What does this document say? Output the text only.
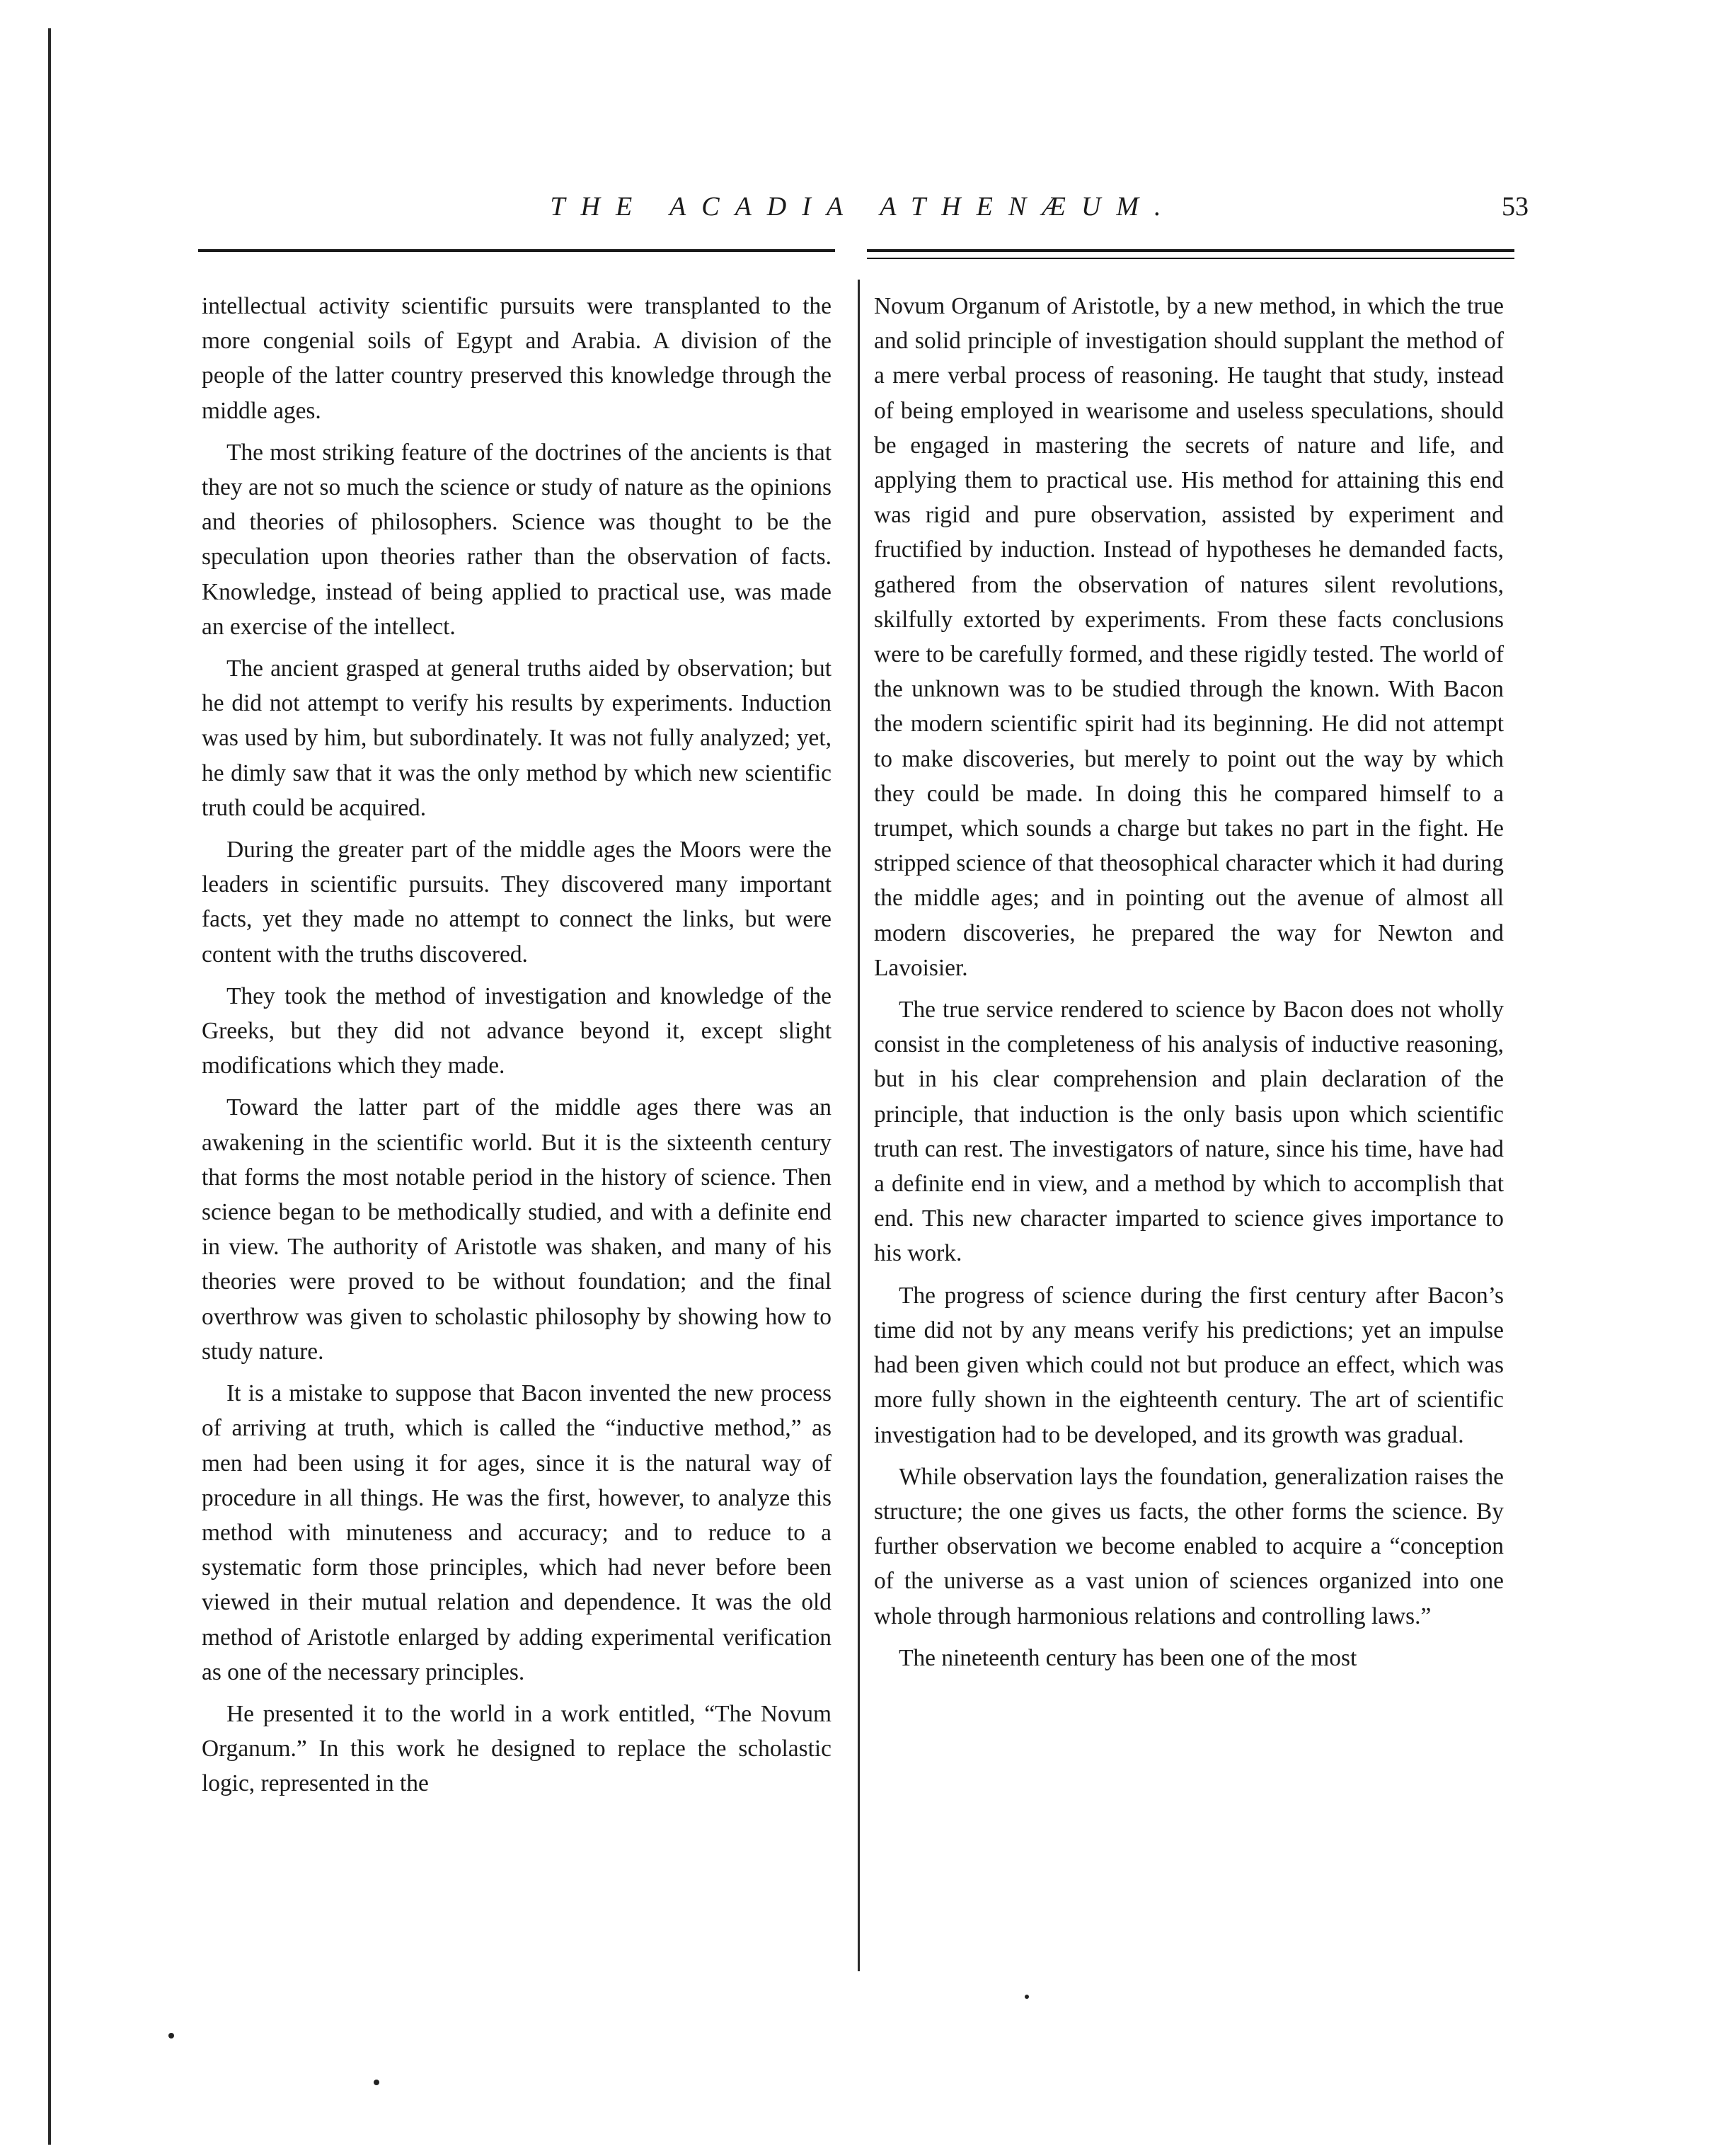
THE ACADIA ATHENÆUM.	53

intellectual activity scientific pursuits were transplanted to the more congenial soils of Egypt and Arabia. A division of the people of the latter country preserved this knowledge through the middle ages.

The most striking feature of the doctrines of the ancients is that they are not so much the science or study of nature as the opinions and theories of philosophers. Science was thought to be the speculation upon theories rather than the observation of facts. Knowledge, instead of being applied to practical use, was made an exercise of the intellect.

The ancient grasped at general truths aided by observation; but he did not attempt to verify his results by experiments. Induction was used by him, but subordinately. It was not fully analyzed; yet, he dimly saw that it was the only method by which new scientific truth could be acquired.

During the greater part of the middle ages the Moors were the leaders in scientific pursuits. They discovered many important facts, yet they made no attempt to connect the links, but were content with the truths discovered.

They took the method of investigation and knowledge of the Greeks, but they did not advance beyond it, except slight modifications which they made.

Toward the latter part of the middle ages there was an awakening in the scientific world. But it is the sixteenth century that forms the most notable period in the history of science. Then science began to be methodically studied, and with a definite end in view. The authority of Aristotle was shaken, and many of his theories were proved to be without foundation; and the final overthrow was given to scholastic philosophy by showing how to study nature.

It is a mistake to suppose that Bacon invented the new process of arriving at truth, which is called the “inductive method,” as men had been using it for ages, since it is the natural way of procedure in all things. He was the first, however, to analyze this method with minuteness and accuracy; and to reduce to a systematic form those principles, which had never before been viewed in their mutual relation and dependence. It was the old method of Aristotle enlarged by adding experimental verification as one of the necessary principles.

He presented it to the world in a work entitled, “The Novum Organum.” In this work he designed to replace the scholastic logic, represented in the

Novum Organum of Aristotle, by a new method, in which the true and solid principle of investigation should supplant the method of a mere verbal process of reasoning. He taught that study, instead of being employed in wearisome and useless speculations, should be engaged in mastering the secrets of nature and life, and applying them to practical use. His method for attaining this end was rigid and pure observation, assisted by experiment and fructified by induction. Instead of hypotheses he demanded facts, gathered from the observation of natures silent revolutions, skilfully extorted by experiments. From these facts conclusions were to be carefully formed, and these rigidly tested. The world of the unknown was to be studied through the known. With Bacon the modern scientific spirit had its beginning. He did not attempt to make discoveries, but merely to point out the way by which they could be made. In doing this he compared himself to a trumpet, which sounds a charge but takes no part in the fight. He stripped science of that theosophical character which it had during the middle ages; and in pointing out the avenue of almost all modern discoveries, he prepared the way for Newton and Lavoisier.

The true service rendered to science by Bacon does not wholly consist in the completeness of his analysis of inductive reasoning, but in his clear comprehension and plain declaration of the principle, that induction is the only basis upon which scientific truth can rest. The investigators of nature, since his time, have had a definite end in view, and a method by which to accomplish that end. This new character imparted to science gives importance to his work.

The progress of science during the first century after Bacon’s time did not by any means verify his predictions; yet an impulse had been given which could not but produce an effect, which was more fully shown in the eighteenth century. The art of scientific investigation had to be developed, and its growth was gradual.

While observation lays the foundation, generalization raises the structure; the one gives us facts, the other forms the science. By further observation we become enabled to acquire a “conception of the universe as a vast union of sciences organized into one whole through harmonious relations and controlling laws.”

The nineteenth century has been one of the most
